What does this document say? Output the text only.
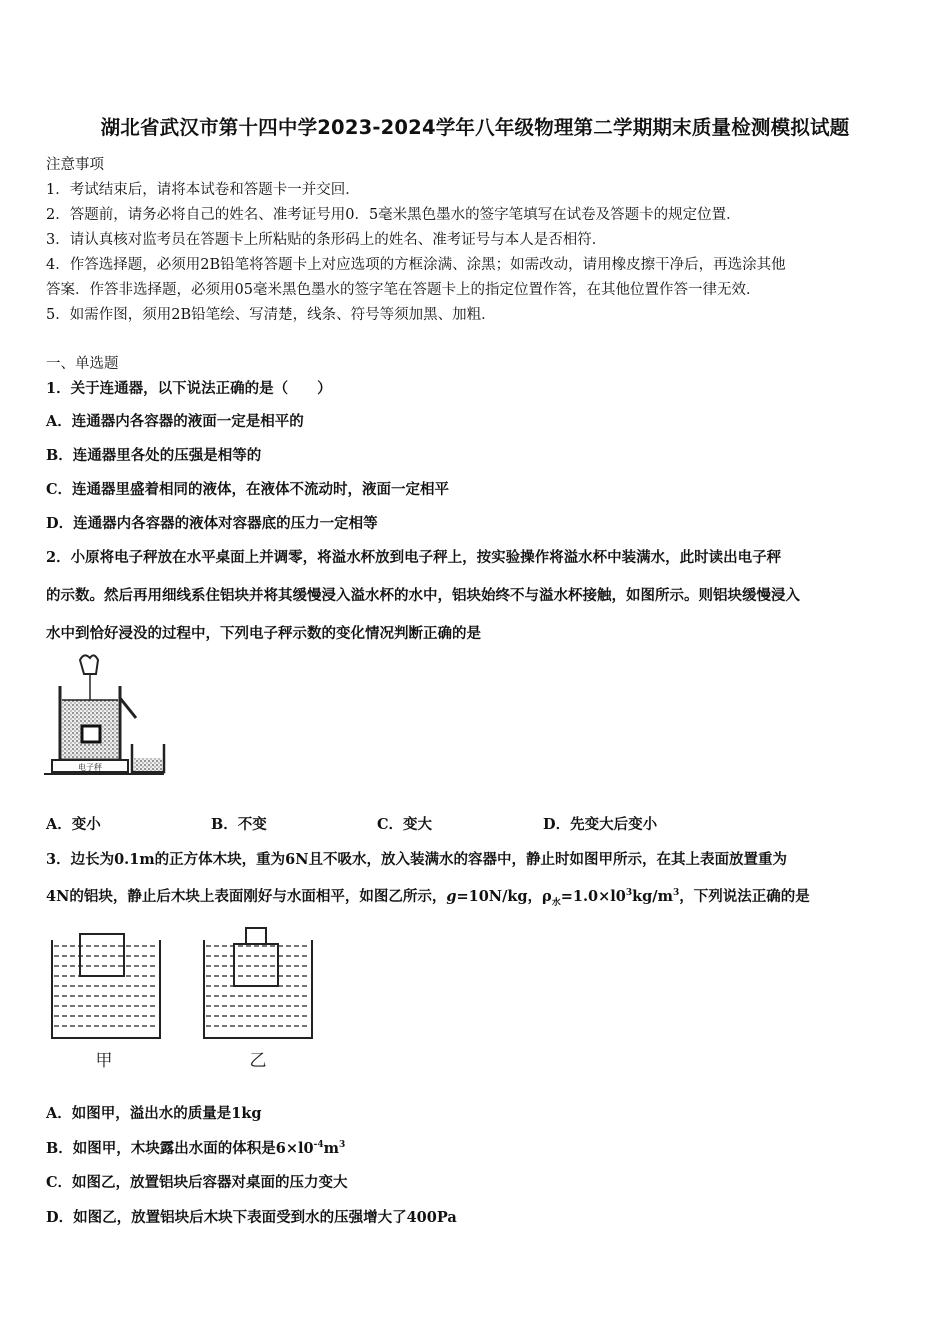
湖北省武汉市第十四中学2023-2024学年八年级物理第二学期期末质量检测模拟试题
注意事项
1．考试结束后，请将本试卷和答题卡一并交回．
2．答题前，请务必将自己的姓名、准考证号用0．5毫米黑色墨水的签字笔填写在试卷及答题卡的规定位置．
3．请认真核对监考员在答题卡上所粘贴的条形码上的姓名、准考证号与本人是否相符．
4．作答选择题，必须用2B铅笔将答题卡上对应选项的方框涂满、涂黑；如需改动，请用橡皮擦干净后，再选涂其他
答案．作答非选择题，必须用05毫米黑色墨水的签字笔在答题卡上的指定位置作答，在其他位置作答一律无效．
5．如需作图，须用2B铅笔绘、写清楚，线条、符号等须加黑、加粗．
一、单选题
1．关于连通器，以下说法正确的是（　　）
A．连通器内各容器的液面一定是相平的
B．连通器里各处的压强是相等的
C．连通器里盛着相同的液体，在液体不流动时，液面一定相平
D．连通器内各容器的液体对容器底的压力一定相等
2．小原将电子秤放在水平桌面上并调零，将溢水杯放到电子秤上，按实验操作将溢水杯中装满水，此时读出电子秤
的示数。然后再用细线系住铝块并将其缓慢浸入溢水杯的水中，铝块始终不与溢水杯接触，如图所示。则铝块缓慢浸入
水中到恰好浸没的过程中，下列电子秤示数的变化情况判断正确的是
电子秤
A．变小	B．不变	C．变大	D．先变大后变小
3．边长为0.1m的正方体木块，重为6N且不吸水，放入装满水的容器中，静止时如图甲所示，在其上表面放置重为
4N的铝块，静止后木块上表面刚好与水面相平，如图乙所示，g=10N/kg，$\rho_水=1.0\times l0^3kg/m^3$，下列说法正确的是
甲	乙
A．如图甲，溢出水的质量是1kg
B．如图甲，木块露出水面的体积是$6\times l0^{-4}m^3$
C．如图乙，放置铝块后容器对桌面的压力变大
D．如图乙，放置铝块后木块下表面受到水的压强增大了400Pa
